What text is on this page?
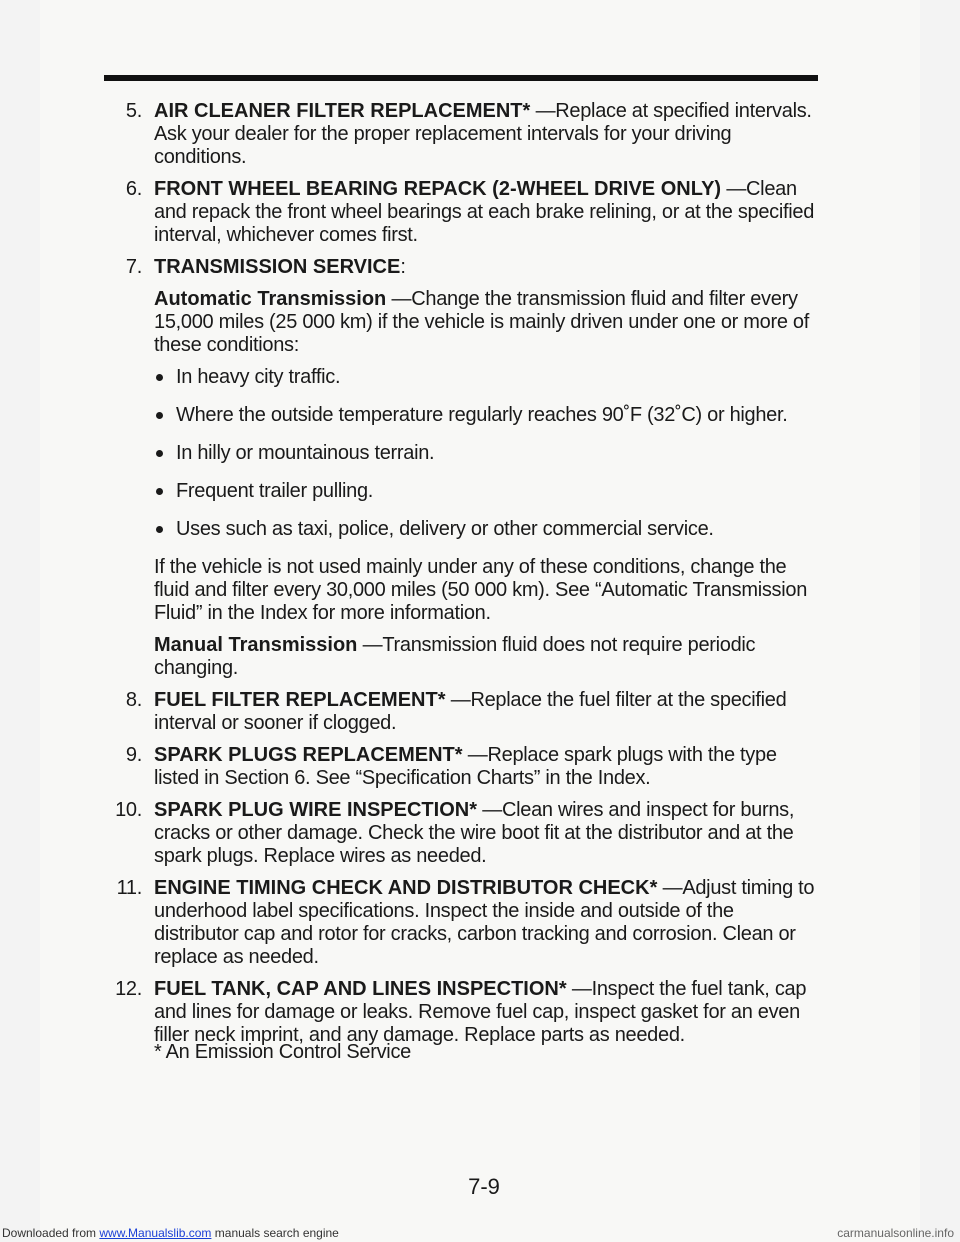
5. AIR CLEANER FILTER REPLACEMENT* —Replace at specified intervals. Ask your dealer for the proper replacement intervals for your driving conditions.
6. FRONT WHEEL BEARING REPACK (2-WHEEL DRIVE ONLY) —Clean and repack the front wheel bearings at each brake relining, or at the specified interval, whichever comes first.
7. TRANSMISSION SERVICE:
Automatic Transmission —Change the transmission fluid and filter every 15,000 miles (25 000 km) if the vehicle is mainly driven under one or more of these conditions:
In heavy city traffic.
Where the outside temperature regularly reaches 90˚F (32˚C) or higher.
In hilly or mountainous terrain.
Frequent trailer pulling.
Uses such as taxi, police, delivery or other commercial service.
If the vehicle is not used mainly under any of these conditions, change the fluid and filter every 30,000 miles (50 000 km). See “Automatic Transmission Fluid” in the Index for more information.
Manual Transmission —Transmission fluid does not require periodic changing.
8. FUEL FILTER REPLACEMENT* —Replace the fuel filter at the specified interval or sooner if clogged.
9. SPARK PLUGS REPLACEMENT* —Replace spark plugs with the type listed in Section 6. See “Specification Charts” in the Index.
10. SPARK PLUG WIRE INSPECTION* —Clean wires and inspect for burns, cracks or other damage. Check the wire boot fit at the distributor and at the spark plugs. Replace wires as needed.
11. ENGINE TIMING CHECK AND DISTRIBUTOR CHECK* —Adjust timing to underhood label specifications. Inspect the inside and outside of the distributor cap and rotor for cracks, carbon tracking and corrosion. Clean or replace as needed.
12. FUEL TANK, CAP AND LINES INSPECTION* —Inspect the fuel tank, cap and lines for damage or leaks. Remove fuel cap, inspect gasket for an even filler neck imprint, and any damage. Replace parts as needed.
* An Emission Control Service
7-9
Downloaded from www.Manualslib.com manuals search engine	carmanualsonline.info
